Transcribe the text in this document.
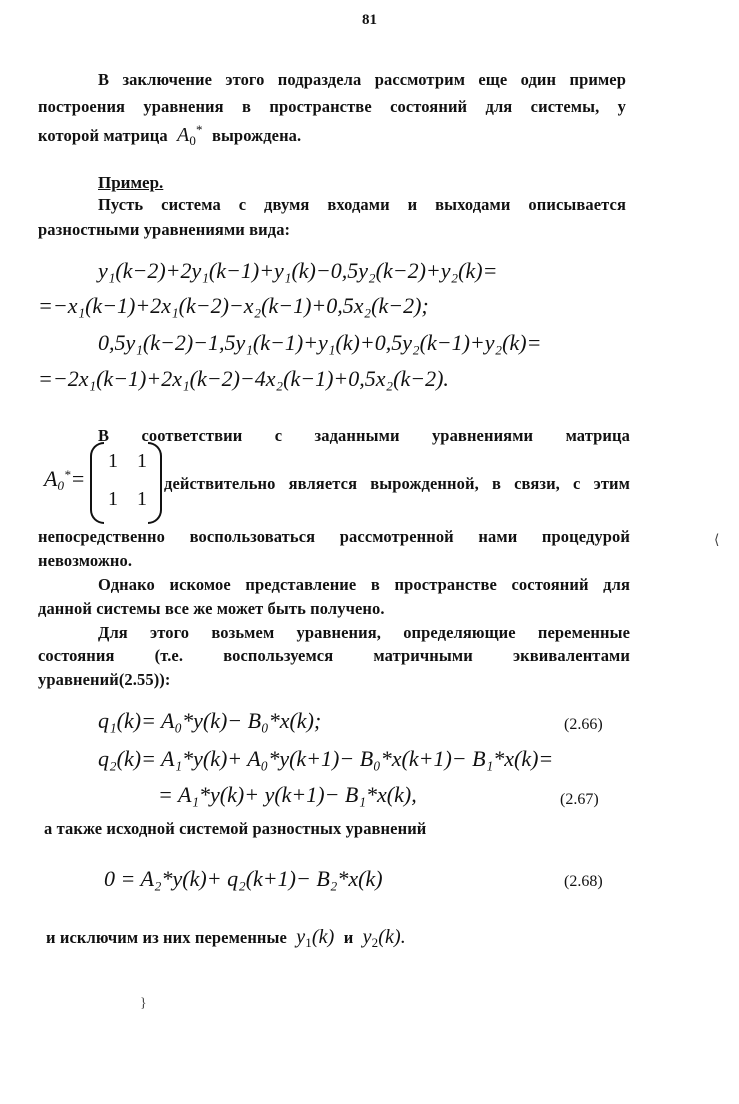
81
В заключение этого подраздела рассмотрим еще один пример
построения уравнения в пространстве состояний для системы, у
которой матрица  $A_0^*$ вырождена.
Пример.
Пусть система с двумя входами и выходами описывается
разностными уравнениями вида:
y₁(k−2)+2y₁(k−1)+y₁(k)−0,5y₂(k−2)+y₂(k)=
=−x₁(k−1)+2x₁(k−2)−x₂(k−1)+0,5x₂(k−2);
0,5y₁(k−2)−1,5y₁(k−1)+y₁(k)+0,5y₂(k−1)+y₂(k)=
=−2x₁(k−1)+2x₁(k−2)−4x₂(k−1)+0,5x₂(k−2).
В соответствии с заданными уравнениями матрица
$A_0^*=$
1 1
1 1
действительно является вырожденной, в связи, с этим
непосредственно воспользоваться рассмотренной нами процедурой
невозможно.
⟨
Однако искомое представление в пространстве состояний для
данной системы все же может быть получено.
Для этого возьмем уравнения, определяющие переменные
состояния (т.е. воспользуемся матричными эквивалентами
уравнений(2.55)):
q₁(k)= A₀*y(k)− B₀*x(k);	(2.66)
q₂(k)= A₁*y(k)+ A₀*y(k+1)− B₀*x(k+1)− B₁*x(k)=
= A₁*y(k)+ y(k+1)− B₁*x(k),	(2.67)
а также исходной системой разностных уравнений
0 = A₂*y(k)+ q₂(k+1)− B₂*x(k)	(2.68)
и исключим из них переменные  $y_1(k)$  и  $y_2(k)$.
}
